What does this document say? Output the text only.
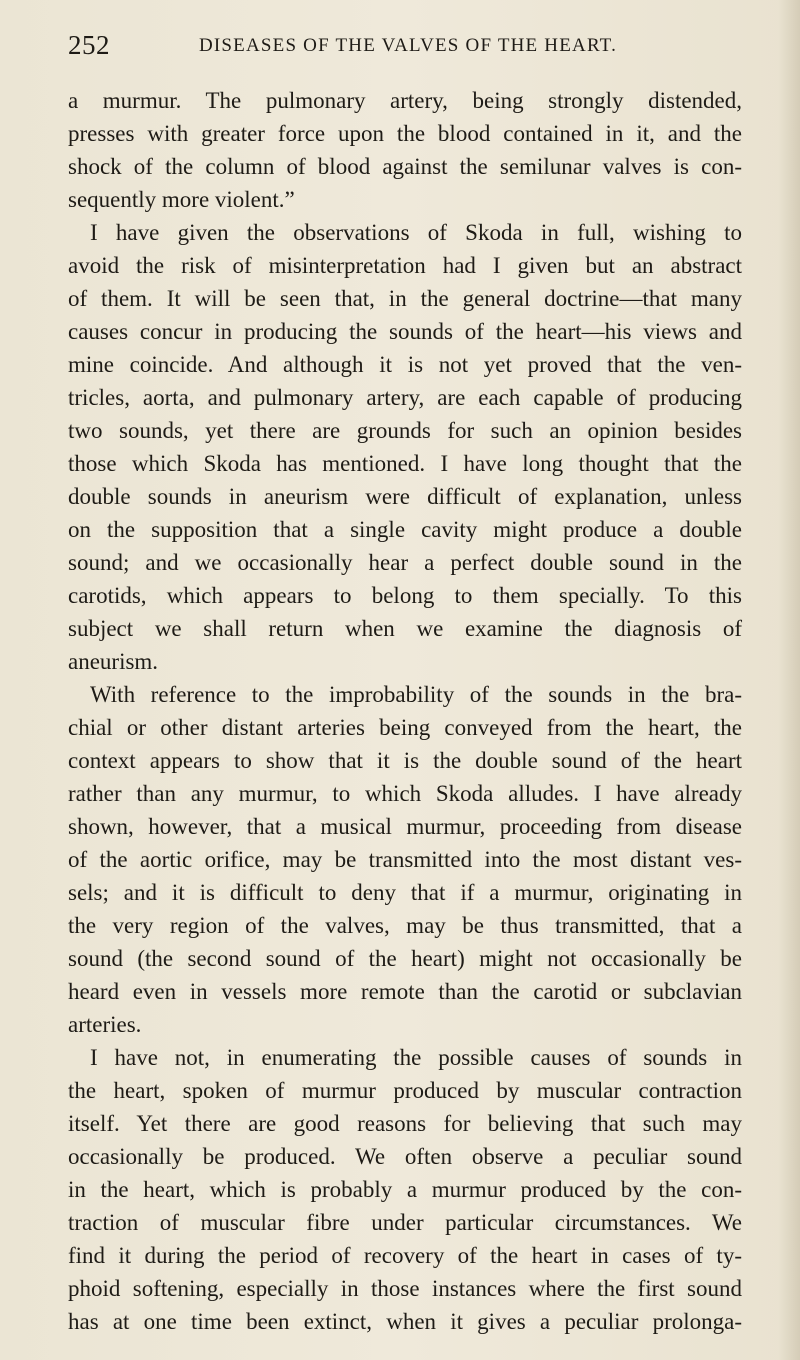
252	DISEASES OF THE VALVES OF THE HEART.
a murmur. The pulmonary artery, being strongly distended,
presses with greater force upon the blood contained in it, and the
shock of the column of blood against the semilunar valves is con-
sequently more violent.”
I have given the observations of Skoda in full, wishing to
avoid the risk of misinterpretation had I given but an abstract
of them. It will be seen that, in the general doctrine—that many
causes concur in producing the sounds of the heart—his views and
mine coincide. And although it is not yet proved that the ven-
tricles, aorta, and pulmonary artery, are each capable of producing
two sounds, yet there are grounds for such an opinion besides
those which Skoda has mentioned. I have long thought that the
double sounds in aneurism were difficult of explanation, unless
on the supposition that a single cavity might produce a double
sound; and we occasionally hear a perfect double sound in the
carotids, which appears to belong to them specially. To this
subject we shall return when we examine the diagnosis of
aneurism.
With reference to the improbability of the sounds in the bra-
chial or other distant arteries being conveyed from the heart, the
context appears to show that it is the double sound of the heart
rather than any murmur, to which Skoda alludes. I have already
shown, however, that a musical murmur, proceeding from disease
of the aortic orifice, may be transmitted into the most distant ves-
sels; and it is difficult to deny that if a murmur, originating in
the very region of the valves, may be thus transmitted, that a
sound (the second sound of the heart) might not occasionally be
heard even in vessels more remote than the carotid or subclavian
arteries.
I have not, in enumerating the possible causes of sounds in
the heart, spoken of murmur produced by muscular contraction
itself. Yet there are good reasons for believing that such may
occasionally be produced. We often observe a peculiar sound
in the heart, which is probably a murmur produced by the con-
traction of muscular fibre under particular circumstances. We
find it during the period of recovery of the heart in cases of ty-
phoid softening, especially in those instances where the first sound
has at one time been extinct, when it gives a peculiar prolonga-
